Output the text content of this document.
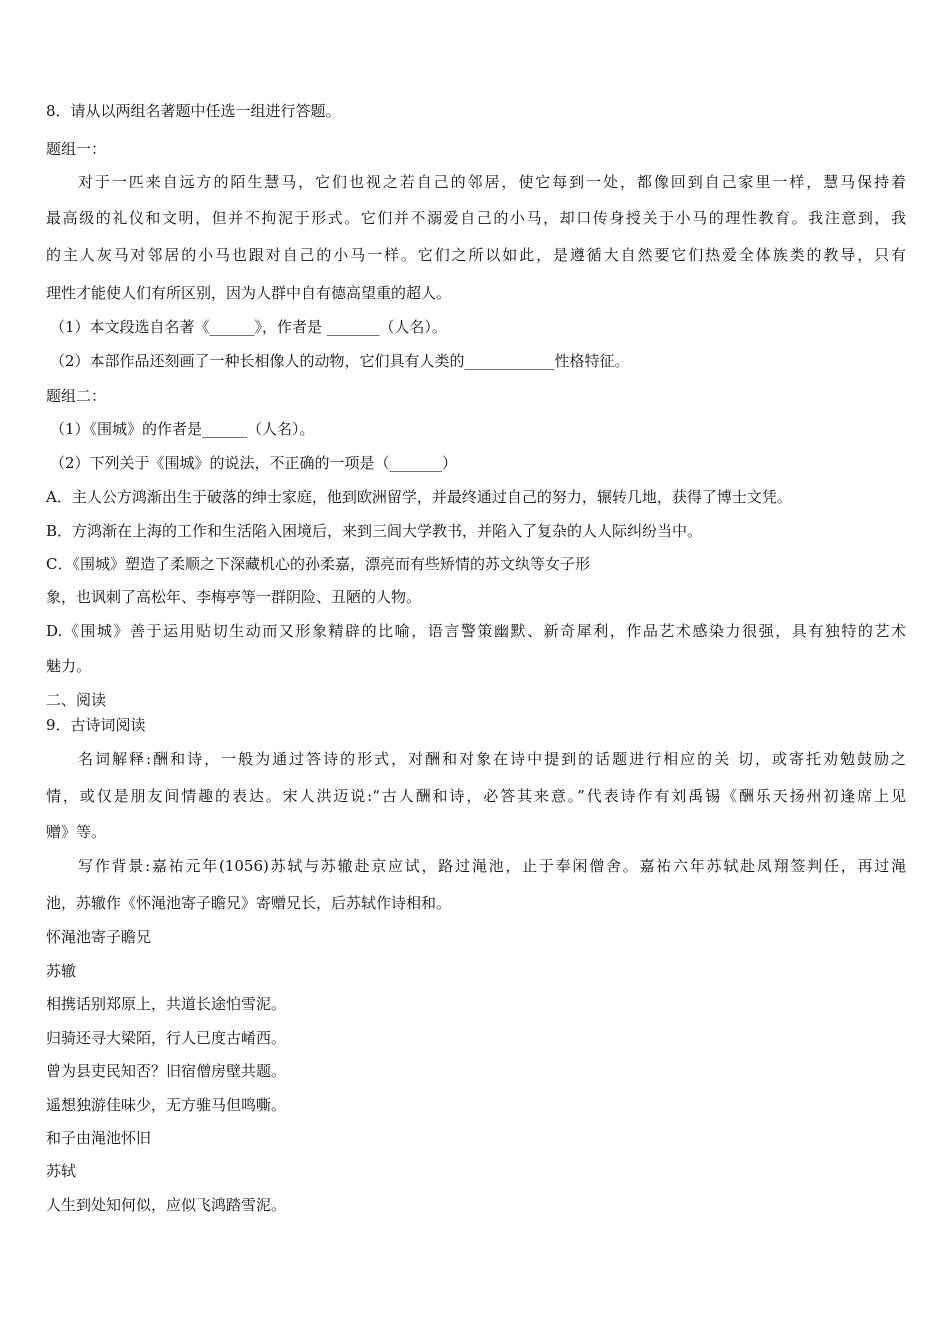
8．请从以两组名著题中任选一组进行答题。
题组一：
对于一匹来自远方的陌生慧马，它们也视之若自己的邻居，使它每到一处，都像回到自己家里一样，慧马保持着
最高级的礼仪和文明，但并不拘泥于形式。它们并不溺爱自己的小马，却口传身授关于小马的理性教育。我注意到，我
的主人灰马对邻居的小马也跟对自己的小马一样。它们之所以如此，是遵循大自然要它们热爱全体族类的教导，只有
理性才能使人们有所区别，因为人群中自有德高望重的超人。
（1）本文段选自名著《______》，作者是 _______（人名）。
（2）本部作品还刻画了一种长相像人的动物，它们具有人类的____________性格特征。
题组二：
（1）《围城》的作者是______（人名）。
（2）下列关于《围城》的说法，不正确的一项是（_______）
A．主人公方鸿渐出生于破落的绅士家庭，他到欧洲留学，并最终通过自己的努力，辗转几地，获得了博士文凭。
B．方鸿渐在上海的工作和生活陷入困境后，来到三闾大学教书，并陷入了复杂的人人际纠纷当中。
C．《围城》塑造了柔顺之下深藏机心的孙柔嘉，漂亮而有些矫情的苏文纨等女子形
象，也讽刺了高松年、李梅亭等一群阴险、丑陋的人物。
D.《围城》善于运用贴切生动而又形象精辟的比喻，语言警策幽默、新奇犀利，作品艺术感染力很强，具有独特的艺术
魅力。
二、阅读
9．古诗词阅读
名词解释:酬和诗，一般为通过答诗的形式，对酬和对象在诗中提到的话题进行相应的关 切，或寄托劝勉鼓励之
情，或仅是朋友间情趣的表达。宋人洪迈说:“古人酬和诗，必答其来意。”代表诗作有刘禹锡《酬乐天扬州初逢席上见
赠》等。
写作背景:嘉祐元年(1056)苏轼与苏辙赴京应试，路过渑池，止于奉闲僧舍。嘉祐六年苏轼赴凤翔签判任，再过渑
池，苏辙作《怀渑池寄子瞻兄》寄赠兄长，后苏轼作诗相和。
怀渑池寄子瞻兄
苏辙
相携话别郑原上，共道长途怕雪泥。
归骑还寻大梁陌，行人已度古崤西。
曾为县吏民知否？旧宿僧房壁共题。
遥想独游佳味少，无方骓马但鸣嘶。
和子由渑池怀旧
苏轼
人生到处知何似，应似飞鸿踏雪泥。
